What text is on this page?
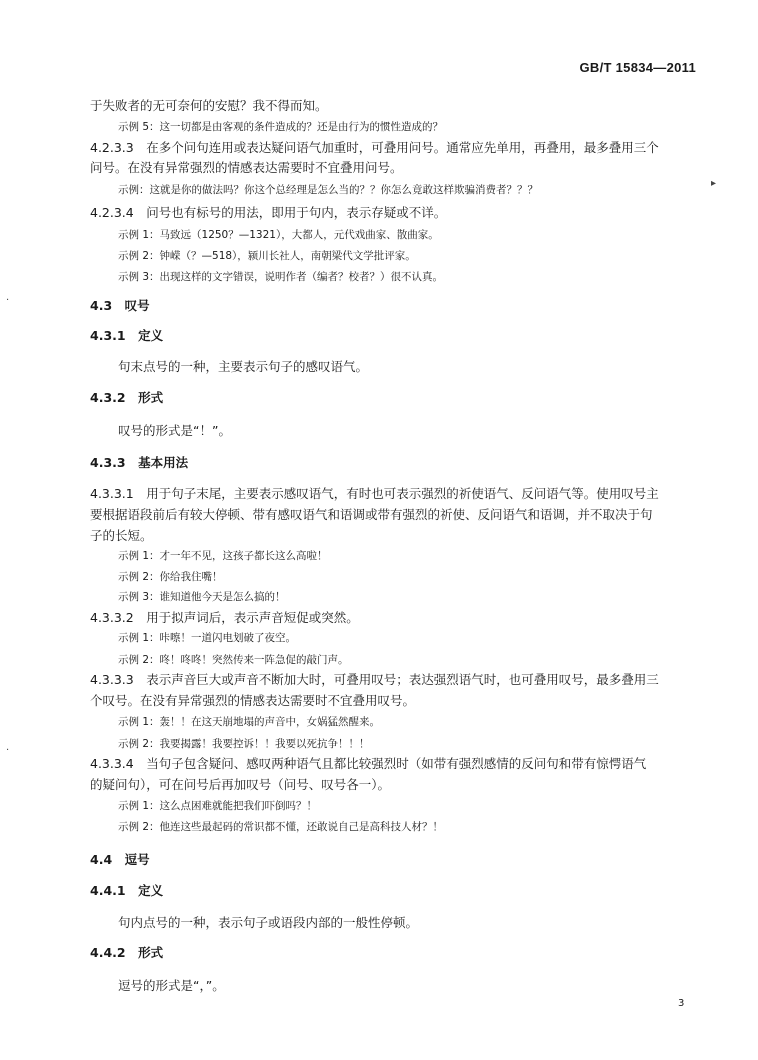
GB/T 15834—2011
于失败者的无可奈何的安慰？我不得而知。
示例 5：这一切都是由客观的条件造成的？还是由行为的惯性造成的？
4.2.3.3　在多个问句连用或表达疑问语气加重时，可叠用问号。通常应先单用，再叠用，最多叠用三个
问号。在没有异常强烈的情感表达需要时不宜叠用问号。
示例：这就是你的做法吗？你这个总经理是怎么当的？？你怎么竟敢这样欺骗消费者？？？
4.2.3.4　问号也有标号的用法，即用于句内，表示存疑或不详。
示例 1：马致远（1250？—1321），大都人，元代戏曲家、散曲家。
示例 2：钟嵘（？—518），颍川长社人，南朝梁代文学批评家。
示例 3：出现这样的文字错误，说明作者（编者？校者？）很不认真。
4.3　叹号
4.3.1　定义
句末点号的一种，主要表示句子的感叹语气。
4.3.2　形式
叹号的形式是“！”。
4.3.3　基本用法
4.3.3.1　用于句子末尾，主要表示感叹语气，有时也可表示强烈的祈使语气、反问语气等。使用叹号主
要根据语段前后有较大停顿、带有感叹语气和语调或带有强烈的祈使、反问语气和语调，并不取决于句
子的长短。
示例 1：才一年不见，这孩子都长这么高啦！
示例 2：你给我住嘴！
示例 3：谁知道他今天是怎么搞的！
4.3.3.2　用于拟声词后，表示声音短促或突然。
示例 1：咔嚓！一道闪电划破了夜空。
示例 2：咚！咚咚！突然传来一阵急促的敲门声。
4.3.3.3　表示声音巨大或声音不断加大时，可叠用叹号；表达强烈语气时，也可叠用叹号，最多叠用三
个叹号。在没有异常强烈的情感表达需要时不宜叠用叹号。
示例 1：轰！！在这天崩地塌的声音中，女娲猛然醒来。
示例 2：我要揭露！我要控诉！！我要以死抗争！！！
4.3.3.4　当句子包含疑问、感叹两种语气且都比较强烈时（如带有强烈感情的反问句和带有惊愕语气
的疑问句），可在问号后再加叹号（问号、叹号各一）。
示例 1：这么点困难就能把我们吓倒吗？！
示例 2：他连这些最起码的常识都不懂，还敢说自己是高科技人材？！
4.4　逗号
4.4.1　定义
句内点号的一种，表示句子或语段内部的一般性停顿。
4.4.2　形式
逗号的形式是“，”。
3
▸
·
·
